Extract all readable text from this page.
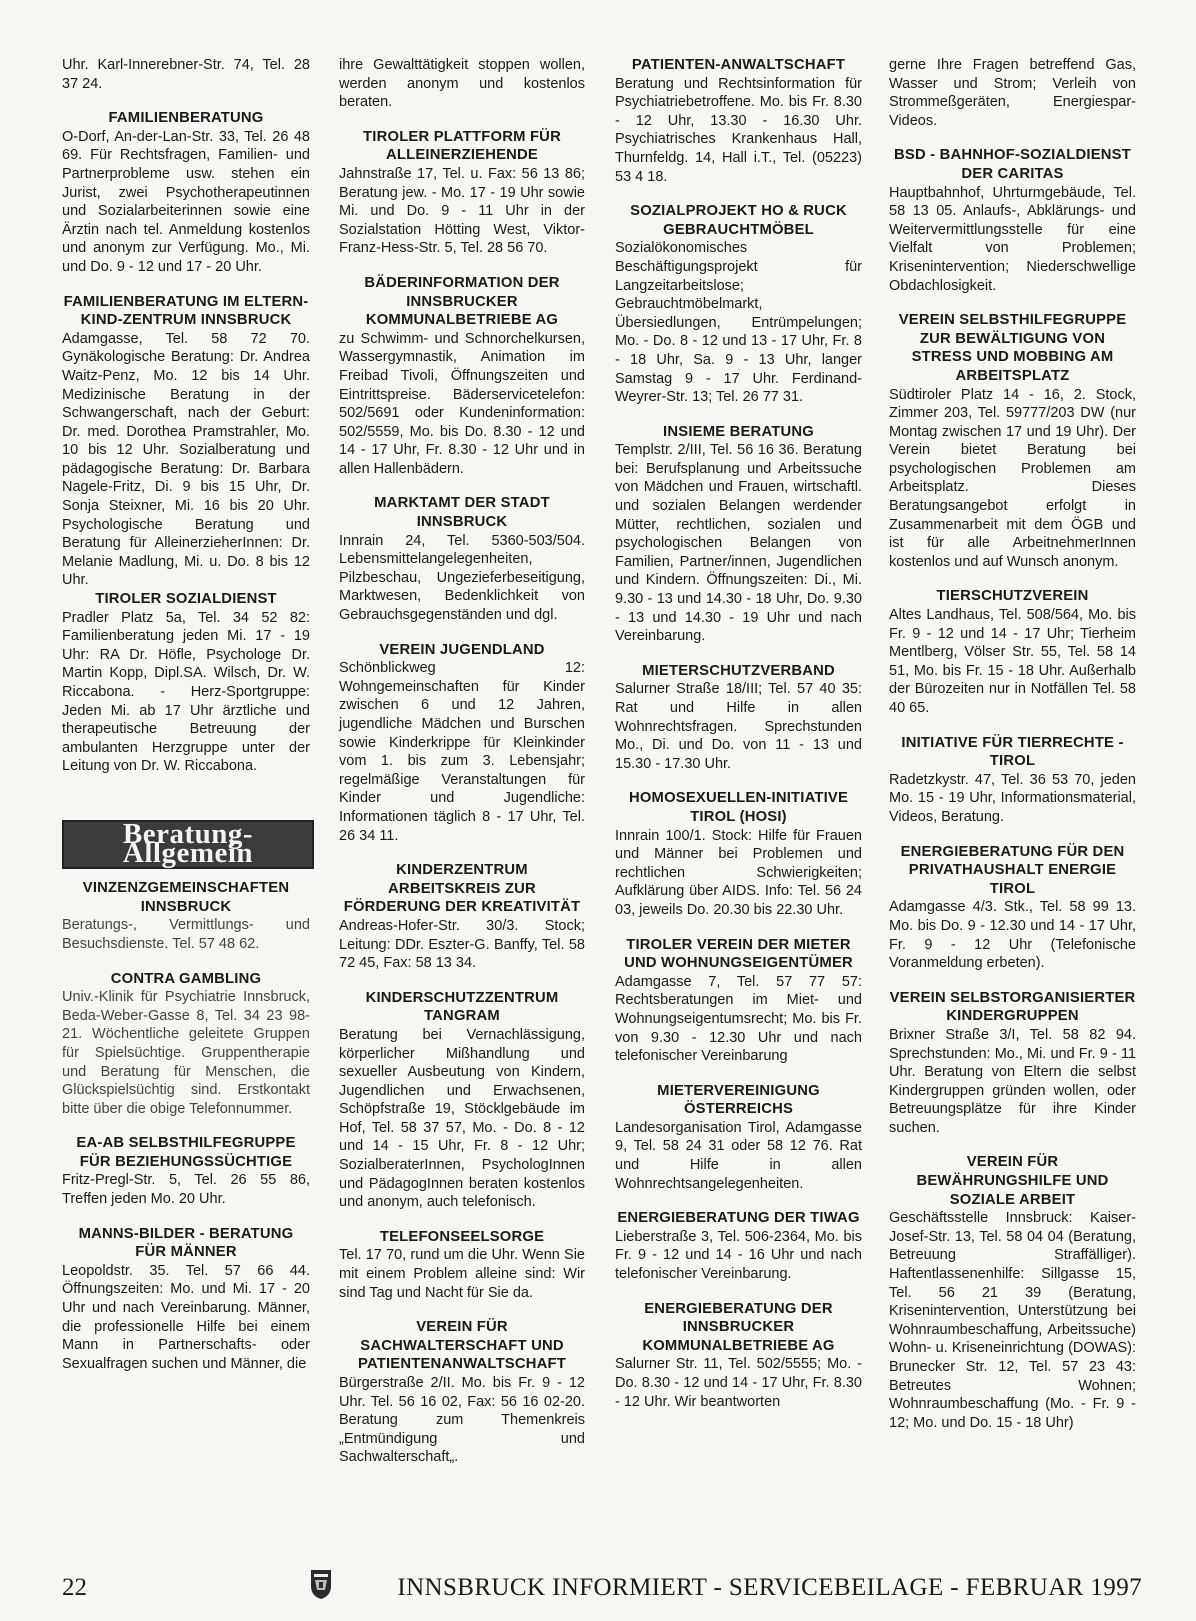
Uhr. Karl-Innerebner-Str. 74, Tel. 28 37 24.

FAMILIENBERATUNG

O-Dorf, An-der-Lan-Str. 33, Tel. 26 48 69. Für Rechtsfragen, Familien- und Partnerprobleme usw. stehen ein Jurist, zwei Psychotherapeutinnen und Sozialarbeiterinnen sowie eine Ärztin nach tel. Anmeldung kostenlos und anonym zur Verfügung. Mo., Mi. und Do. 9 - 12 und 17 - 20 Uhr.

FAMILIENBERATUNG IM ELTERN-KIND-ZENTRUM INNSBRUCK

Adamgasse, Tel. 58 72 70. Gynäkologische Beratung: Dr. Andrea Waitz-Penz, Mo. 12 bis 14 Uhr. Medizinische Beratung in der Schwangerschaft, nach der Geburt: Dr. med. Dorothea Pramstrahler, Mo. 10 bis 12 Uhr. Sozialberatung und pädagogische Beratung: Dr. Barbara Nagele-Fritz, Di. 9 bis 15 Uhr, Dr. Sonja Steixner, Mi. 16 bis 20 Uhr. Psychologische Beratung und Beratung für AlleinerzieherInnen: Dr. Melanie Madlung, Mi. u. Do. 8 bis 12 Uhr.

TIROLER SOZIALDIENST

Pradler Platz 5a, Tel. 34 52 82: Familienberatung jeden Mi. 17 - 19 Uhr: RA Dr. Höfle, Psychologe Dr. Martin Kopp, Dipl.SA. Wilsch, Dr. W. Riccabona. - Herz-Sportgruppe: Jeden Mi. ab 17 Uhr ärztliche und therapeutische Betreuung der ambulanten Herzgruppe unter der Leitung von Dr. W. Riccabona.

Beratung-Allgemein

VINZENZGEMEINSCHAFTEN INNSBRUCK

Beratungs-, Vermittlungs- und Besuchsdienste. Tel. 57 48 62.

CONTRA GAMBLING

Univ.-Klinik für Psychiatrie Innsbruck, Beda-Weber-Gasse 8, Tel. 34 23 98-21. Wöchentliche geleitete Gruppen für Spielsüchtige. Gruppentherapie und Beratung für Menschen, die Glückspielsüchtig sind. Erstkontakt bitte über die obige Telefonnummer.

EA-AB SELBSTHILFEGRUPPE FÜR BEZIEHUNGSSÜCHTIGE

Fritz-Pregl-Str. 5, Tel. 26 55 86, Treffen jeden Mo. 20 Uhr.

MANNS-BILDER - BERATUNG FÜR MÄNNER

Leopoldstr. 35. Tel. 57 66 44. Öffnungszeiten: Mo. und Mi. 17 - 20 Uhr und nach Vereinbarung. Männer, die professionelle Hilfe bei einem Mann in Partnerschafts- oder Sexualfragen suchen und Männer, die

ihre Gewalttätigkeit stoppen wollen, werden anonym und kostenlos beraten.

TIROLER PLATTFORM FÜR ALLEINERZIEHENDE

Jahnstraße 17, Tel. u. Fax: 56 13 86; Beratung jew. - Mo. 17 - 19 Uhr sowie Mi. und Do. 9 - 11 Uhr in der Sozialstation Hötting West, Viktor-Franz-Hess-Str. 5, Tel. 28 56 70.

BÄDERINFORMATION DER INNSBRUCKER KOMMUNALBETRIEBE AG

zu Schwimm- und Schnorchelkursen, Wassergymnastik, Animation im Freibad Tivoli, Öffnungszeiten und Eintrittspreise. Bäderservicetelefon: 502/5691 oder Kundeninformation: 502/5559, Mo. bis Do. 8.30 - 12 und 14 - 17 Uhr, Fr. 8.30 - 12 Uhr und in allen Hallenbädern.

MARKTAMT DER STADT INNSBRUCK

Innrain 24, Tel. 5360-503/504. Lebensmittelangelegenheiten, Pilzbeschau, Ungezieferbeseitigung, Marktwesen, Bedenklichkeit von Gebrauchsgegenständen und dgl.

VEREIN JUGENDLAND

Schönblickweg 12: Wohngemeinschaften für Kinder zwischen 6 und 12 Jahren, jugendliche Mädchen und Burschen sowie Kinderkrippe für Kleinkinder vom 1. bis zum 3. Lebensjahr; regelmäßige Veranstaltungen für Kinder und Jugendliche: Informationen täglich 8 - 17 Uhr, Tel. 26 34 11.

KINDERZENTRUM ARBEITSKREIS ZUR FÖRDERUNG DER KREATIVITÄT

Andreas-Hofer-Str. 30/3. Stock; Leitung: DDr. Eszter-G. Banffy, Tel. 58 72 45, Fax: 58 13 34.

KINDERSCHUTZZENTRUM TANGRAM

Beratung bei Vernachlässigung, körperlicher Mißhandlung und sexueller Ausbeutung von Kindern, Jugendlichen und Erwachsenen, Schöpfstraße 19, Stöcklgebäude im Hof, Tel. 58 37 57, Mo. - Do. 8 - 12 und 14 - 15 Uhr, Fr. 8 - 12 Uhr; SozialberaterInnen, PsychologInnen und PädagogInnen beraten kostenlos und anonym, auch telefonisch.

TELEFONSEELSORGE

Tel. 17 70, rund um die Uhr. Wenn Sie mit einem Problem alleine sind: Wir sind Tag und Nacht für Sie da.

VEREIN FÜR SACHWALTERSCHAFT UND PATIENTENANWALTSCHAFT

Bürgerstraße 2/II. Mo. bis Fr. 9 - 12 Uhr. Tel. 56 16 02, Fax: 56 16 02-20. Beratung zum Themenkreis „Entmündigung und Sachwalterschaft„.

PATIENTEN-ANWALTSCHAFT

Beratung und Rechtsinformation für Psychiatriebetroffene. Mo. bis Fr. 8.30 - 12 Uhr, 13.30 - 16.30 Uhr. Psychiatrisches Krankenhaus Hall, Thurnfeldg. 14, Hall i.T., Tel. (05223) 53 4 18.

SOZIALPROJEKT HO & RUCK GEBRAUCHTMÖBEL

Sozialökonomisches Beschäftigungsprojekt für Langzeitarbeitslose; Gebrauchtmöbelmarkt, Übersiedlungen, Entrümpelungen; Mo. - Do. 8 - 12 und 13 - 17 Uhr, Fr. 8 - 18 Uhr, Sa. 9 - 13 Uhr, langer Samstag 9 - 17 Uhr. Ferdinand-Weyrer-Str. 13; Tel. 26 77 31.

INSIEME BERATUNG

Templstr. 2/III, Tel. 56 16 36. Beratung bei: Berufsplanung und Arbeitssuche von Mädchen und Frauen, wirtschaftl. und sozialen Belangen werdender Mütter, rechtlichen, sozialen und psychologischen Belangen von Familien, Partner/innen, Jugendlichen und Kindern. Öffnungszeiten: Di., Mi. 9.30 - 13 und 14.30 - 18 Uhr, Do. 9.30 - 13 und 14.30 - 19 Uhr und nach Vereinbarung.

MIETERSCHUTZVERBAND

Salurner Straße 18/III; Tel. 57 40 35: Rat und Hilfe in allen Wohnrechtsfragen. Sprechstunden Mo., Di. und Do. von 11 - 13 und 15.30 - 17.30 Uhr.

HOMOSEXUELLEN-INITIATIVE TIROL (HOSI)

Innrain 100/1. Stock: Hilfe für Frauen und Männer bei Problemen und rechtlichen Schwierigkeiten; Aufklärung über AIDS. Info: Tel. 56 24 03, jeweils Do. 20.30 bis 22.30 Uhr.

TIROLER VEREIN DER MIETER UND WOHNUNGSEIGENTÜMER

Adamgasse 7, Tel. 57 77 57: Rechtsberatungen im Miet- und Wohnungseigentumsrecht; Mo. bis Fr. von 9.30 - 12.30 Uhr und nach telefonischer Vereinbarung

MIETERVEREINIGUNG ÖSTERREICHS

Landesorganisation Tirol, Adamgasse 9, Tel. 58 24 31 oder 58 12 76. Rat und Hilfe in allen Wohnrechtsangelegenheiten.

ENERGIEBERATUNG DER TIWAG

Lieberstraße 3, Tel. 506-2364, Mo. bis Fr. 9 - 12 und 14 - 16 Uhr und nach telefonischer Vereinbarung.

ENERGIEBERATUNG DER INNSBRUCKER KOMMUNALBETRIEBE AG

Salurner Str. 11, Tel. 502/5555; Mo. - Do. 8.30 - 12 und 14 - 17 Uhr, Fr. 8.30 - 12 Uhr. Wir beantworten

gerne Ihre Fragen betreffend Gas, Wasser und Strom; Verleih von Strommeßgeräten, Energiespar-Videos.

BSD - BAHNHOF-SOZIALDIENST DER CARITAS

Hauptbahnhof, Uhrturmgebäude, Tel. 58 13 05. Anlaufs-, Abklärungs- und Weitervermittlungsstelle für eine Vielfalt von Problemen; Krisenintervention; Niederschwellige Obdachlosigkeit.

VEREIN SELBSTHILFEGRUPPE ZUR BEWÄLTIGUNG VON STRESS UND MOBBING AM ARBEITSPLATZ

Südtiroler Platz 14 - 16, 2. Stock, Zimmer 203, Tel. 59777/203 DW (nur Montag zwischen 17 und 19 Uhr). Der Verein bietet Beratung bei psychologischen Problemen am Arbeitsplatz. Dieses Beratungsangebot erfolgt in Zusammenarbeit mit dem ÖGB und ist für alle ArbeitnehmerInnen kostenlos und auf Wunsch anonym.

TIERSCHUTZVEREIN

Altes Landhaus, Tel. 508/564, Mo. bis Fr. 9 - 12 und 14 - 17 Uhr; Tierheim Mentlberg, Völser Str. 55, Tel. 58 14 51, Mo. bis Fr. 15 - 18 Uhr. Außerhalb der Bürozeiten nur in Notfällen Tel. 58 40 65.

INITIATIVE FÜR TIERRECHTE - TIROL

Radetzkystr. 47, Tel. 36 53 70, jeden Mo. 15 - 19 Uhr, Informationsmaterial, Videos, Beratung.

ENERGIEBERATUNG FÜR DEN PRIVATHAUSHALT ENERGIE TIROL

Adamgasse 4/3. Stk., Tel. 58 99 13. Mo. bis Do. 9 - 12.30 und 14 - 17 Uhr, Fr. 9 - 12 Uhr (Telefonische Voranmeldung erbeten).

VEREIN SELBSTORGANISIERTER KINDERGRUPPEN

Brixner Straße 3/I, Tel. 58 82 94. Sprechstunden: Mo., Mi. und Fr. 9 - 11 Uhr. Beratung von Eltern die selbst Kindergruppen gründen wollen, oder Betreuungsplätze für ihre Kinder suchen.

VEREIN FÜR BEWÄHRUNGSHILFE UND SOZIALE ARBEIT

Geschäftsstelle Innsbruck: Kaiser-Josef-Str. 13, Tel. 58 04 04 (Beratung, Betreuung Straffälliger). Haftentlassenenhilfe: Sillgasse 15, Tel. 56 21 39 (Beratung, Krisenintervention, Unterstützung bei Wohnraumbeschaffung, Arbeitssuche) Wohn- u. Kriseneinrichtung (DOWAS): Brunecker Str. 12, Tel. 57 23 43: Betreutes Wohnen; Wohnraumbeschaffung (Mo. - Fr. 9 - 12; Mo. und Do. 15 - 18 Uhr)

22	INNSBRUCK INFORMIERT - SERVICEBEILAGE - FEBRUAR 1997
